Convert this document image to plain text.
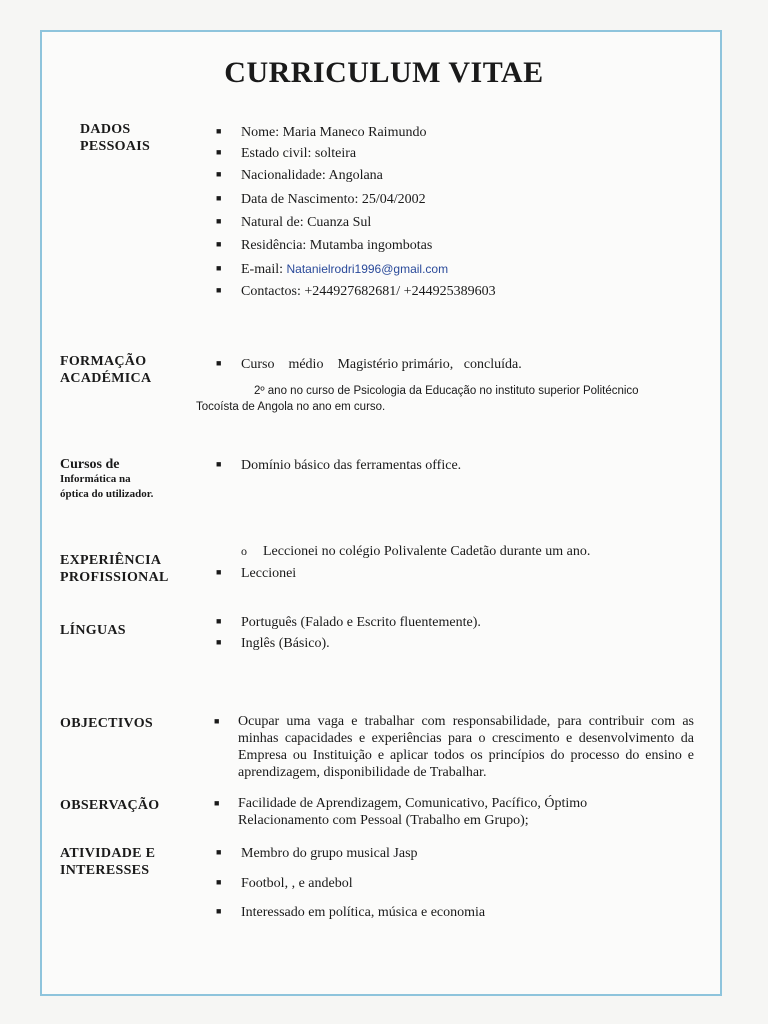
CURRICULUM VITAE
DADOS
PESSOAIS
■ Nome: Maria Maneco Raimundo
■ Estado civil: solteira
■ Nacionalidade: Angolana
■ Data de Nascimento: 25/04/2002
■ Natural de: Cuanza Sul
■ Residência: Mutamba ingombotas
■ E-mail: Natanielrodri1996@gmail.com
■ Contactos: +244927682681/ +244925389603
FORMAÇÃO
ACADÉMICA
■ Curso    médio    Magistério primário,   concluída.
2º ano no curso de Psicologia da Educação no instituto superior Politécnico
Tocoísta de Angola no ano em curso.
Cursos de
Informática na
óptica do utilizador.
■ Domínio básico das ferramentas office.
EXPERIÊNCIA
PROFISSIONAL
o Leccionei no colégio Polivalente Cadetão durante um ano.
■ Leccionei
LÍNGUAS
■ Português (Falado e Escrito fluentemente).
■ Inglês (Básico).
OBJECTIVOS	■ Ocupar uma vaga e trabalhar com responsabilidade, para contribuir com as minhas capacidades e experiências para o crescimento e desenvolvimento da Empresa ou Instituição e aplicar todos os princípios do processo do ensino e aprendizagem, disponibilidade de Trabalhar.
OBSERVAÇÃO	■ Facilidade de Aprendizagem, Comunicativo, Pacífico, Óptimo Relacionamento com Pessoal (Trabalho em Grupo);
ATIVIDADE E
INTERESSES
■ Membro do grupo musical Jasp
■ Footbol, , e andebol
■ Interessado em política, música e economia
